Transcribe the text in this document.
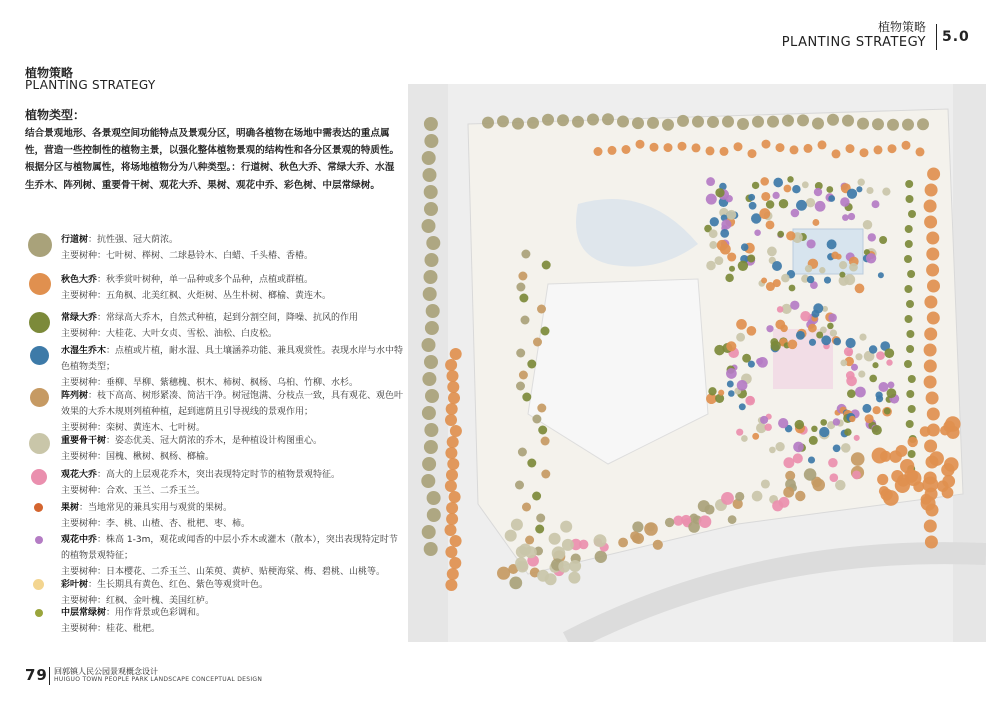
植物策略
PLANTING STRATEGY 5.0
植物策略
PLANTING STRATEGY
植物类型：
结合景观地形、各景观空间功能特点及景观分区，明确各植物在场地中需表达的重点属性，营造一些控制性的植物主景，以强化整体植物景观的结构性和各分区景观的特质性。根据分区与植物属性，将场地植物分为八种类型。：行道树、秋色大乔、常绿大乔、水湿生乔木、阵列树、重要骨干树、观花大乔、果树、观花中乔、彩色树、中层常绿树。
行道树：抗性强、冠大荫浓。
主要树种：七叶树、榉树、二球悬铃木、白蜡、千头椿、香椿。
秋色大乔：秋季赏叶树种，单一品种或多个品种，点植或群植。
主要树种：五角枫、北美红枫、火炬树、丛生朴树、榔榆、黄连木。
常绿大乔：常绿高大乔木，自然式种植，起到分割空间，降噪、抗风的作用
主要树种：大桂花、大叶女贞、雪松、油松、白皮松。
水湿生乔木：点植或片植，耐水湿、具土壤涵养功能、兼具观赏性。表现水岸与水中特色植物类型；
主要树种：垂柳、旱柳、紫穗槐、枳木、柿树、枫杨、乌桕、竹柳、水杉。
阵列树：枝下高高、树形紧凑、简洁干净。树冠饱满、分枝点一致，具有观花、观色叶效果的大乔木规则列植种植，起到遮荫且引导视线的景观作用；
主要树种：栾树、黄连木、七叶树。
重要骨干树：姿态优美、冠大荫浓的乔木，是种植设计构图重心。
主要树种：国槐、楸树、枫杨、榔榆。
观花大乔：高大的上层观花乔木，突出表现特定时节的植物景观特征。
主要树种：合欢、玉兰、二乔玉兰。
果树：当地常见的兼具实用与观赏的果树。
主要树种：李、桃、山楂、杏、枇杷、枣、柿。
观花中乔：株高 1-3m，观花或闻香的中层小乔木或灌木（散本），突出表现特定时节的植物景观特征；
主要树种：日本樱花、二乔玉兰、山茱萸、黄栌、贴梗海棠、梅、碧桃、山桃等。
彩叶树：生长期具有黄色、红色、紫色等观赏叶色。
主要树种：红枫、金叶槐、美国红栌。
中层常绿树：用作背景或色彩调和。
主要树种：桂花、枇杷。
79 回郭镇人民公园景观概念设计
HUIGUO TOWN PEOPLE PARK LANDSCAPE CONCEPTUAL DESIGN
